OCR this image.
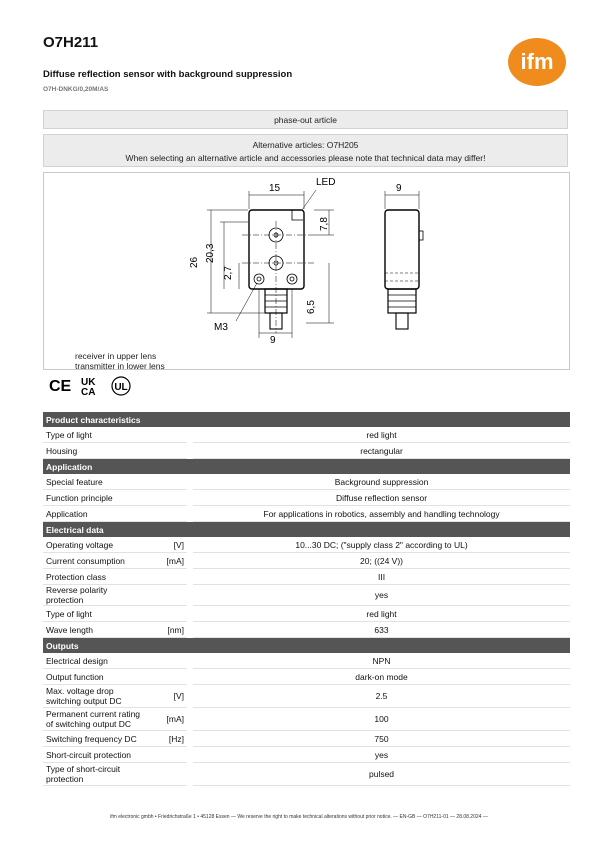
O7H211
Diffuse reflection sensor with background suppression
O7H-DNKG/0,20M/AS
ifm
phase-out article
Alternative articles: O7H205
When selecting an alternative article and accessories please note that technical data may differ!
15
LED
9
9
M3
26 20,3
2,7
7,8
6,5
receiver in upper lens
transmitter in lower lens
CE UK
CA UL
Product characteristics		
Type of light		red light
Housing		rectangular
Application		
Special feature		Background suppression
Function principle		Diffuse reflection sensor
Application		For applications in robotics, assembly and handling technology
Electrical data		
Operating voltage	[V]	10...30 DC; ("supply class 2" according to UL)
Current consumption	[mA]	20; ((24 V))
Protection class		III
Reverse polarity protection		yes
Type of light		red light
Wave length	[nm]	633
Outputs		
Electrical design		NPN
Output function		dark-on mode
Max. voltage drop switching output DC	[V]	2.5
Permanent current rating of switching output DC	[mA]	100
Switching frequency DC	[Hz]	750
Short-circuit protection		yes
Type of short-circuit protection		pulsed
ifm electronic gmbh • Friedrichstraße 1 • 45128 Essen — We reserve the right to make technical alterations without prior notice. — EN-GB — O7H211-01 — 28.08.2024 —
